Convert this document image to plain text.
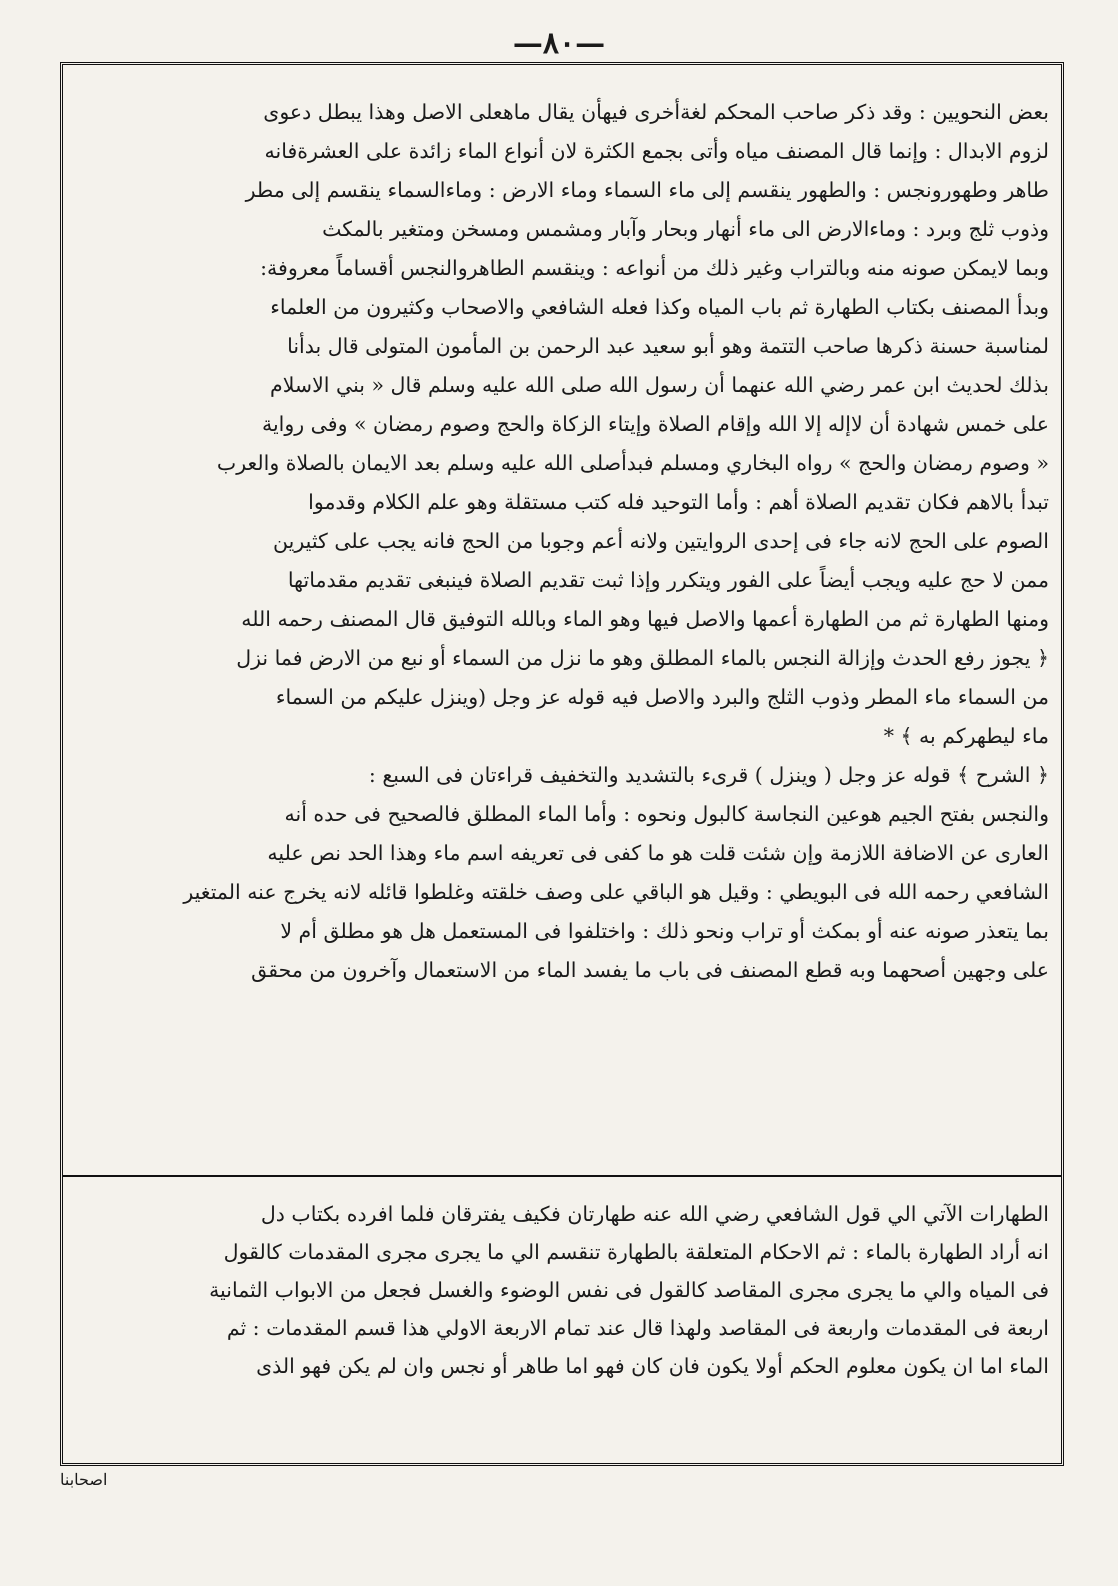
—٨٠—

بعض النحويين : وقد ذكر صاحب المحكم لغةأخرى فيهأن يقال ماهعلى الاصل وهذا يبطل دعوى

لزوم الابدال : وإنما قال المصنف مياه وأتى بجمع الكثرة لان أنواع الماء زائدة على العشرةفانه

طاهر وطهورونجس : والطهور ينقسم إلى ماء السماء وماء الارض : وماءالسماء ينقسم إلى مطر

وذوب ثلج وبرد : وماءالارض الى ماء أنهار وبحار وآبار ومشمس ومسخن ومتغير بالمكث

وبما لايمكن صونه منه وبالتراب وغير ذلك من أنواعه : وينقسم الطاهروالنجس أقساماً معروفة:

وبدأ المصنف بكتاب الطهارة ثم باب المياه وكذا فعله الشافعي والاصحاب وكثيرون من العلماء

لمناسبة حسنة ذكرها صاحب التتمة وهو أبو سعيد عبد الرحمن بن المأمون المتولى قال بدأنا

بذلك لحديث ابن عمر رضي الله عنهما أن رسول الله صلى الله عليه وسلم قال « بني الاسلام

على خمس شهادة أن لاإله إلا الله وإقام الصلاة وإيتاء الزكاة والحج وصوم رمضان » وفى رواية

« وصوم رمضان والحج » رواه البخاري ومسلم فبدأصلى الله عليه وسلم بعد الايمان بالصلاة والعرب

تبدأ بالاهم فكان تقديم الصلاة أهم : وأما التوحيد فله كتب مستقلة وهو علم الكلام وقدموا

الصوم على الحج لانه جاء فى إحدى الروايتين ولانه أعم وجوبا من الحج فانه يجب على كثيرين

ممن لا حج عليه ويجب أيضاً على الفور ويتكرر وإذا ثبت تقديم الصلاة فينبغى تقديم مقدماتها

ومنها الطهارة ثم من الطهارة أعمها والاصل فيها وهو الماء وبالله التوفيق قال المصنف رحمه الله

﴿ يجوز رفع الحدث وإزالة النجس بالماء المطلق وهو ما نزل من السماء أو نبع من الارض فما نزل

من السماء ماء المطر وذوب الثلج والبرد والاصل فيه قوله عز وجل (وينزل عليكم من السماء

ماء ليطهركم به ﴾ *

﴿ الشرح ﴾ قوله عز وجل ( وينزل ) قرىء بالتشديد والتخفيف قراءتان فى السبع :

والنجس بفتح الجيم هوعين النجاسة كالبول ونحوه : وأما الماء المطلق فالصحيح فى حده أنه

العارى عن الاضافة اللازمة وإن شئت قلت هو ما كفى فى تعريفه اسم ماء وهذا الحد نص عليه

الشافعي رحمه الله فى البويطي : وقيل هو الباقي على وصف خلقته وغلطوا قائله لانه يخرج عنه المتغير

بما يتعذر صونه عنه أو بمكث أو تراب ونحو ذلك : واختلفوا فى المستعمل هل هو مطلق أم لا

على وجهين أصحهما وبه قطع المصنف فى باب ما يفسد الماء من الاستعمال وآخرون من محقق

الطهارات الآتي الي قول الشافعي رضي الله عنه طهارتان فكيف يفترقان فلما افرده بكتاب دل

انه أراد الطهارة بالماء : ثم الاحكام المتعلقة بالطهارة تنقسم الي ما يجرى مجرى المقدمات كالقول

فى المياه والي ما يجرى مجرى المقاصد كالقول فى نفس الوضوء والغسل فجعل من الابواب الثمانية

اربعة فى المقدمات واربعة فى المقاصد ولهذا قال عند تمام الاربعة الاولي هذا قسم المقدمات : ثم

الماء اما ان يكون معلوم الحكم أولا يكون فان كان فهو اما طاهر أو نجس وان لم يكن فهو الذى

اصحابنا
